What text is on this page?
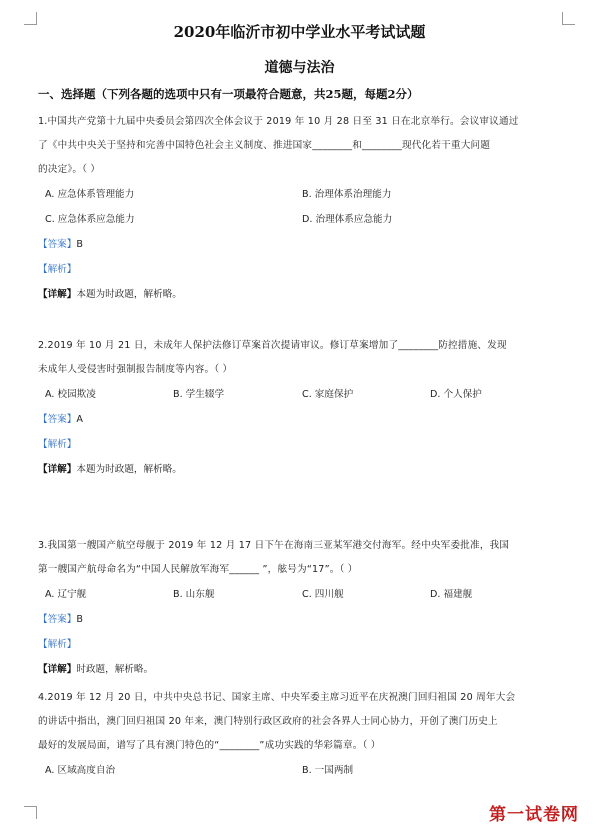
2020年临沂市初中学业水平考试试题
道德与法治
一、选择题（下列各题的选项中只有一项最符合题意，共25题，每题2分）
1.中国共产党第十九届中央委员会第四次全体会议于 2019 年 10 月 28 日至 31 日在北京举行。会议审议通过
了《中共中央关于坚持和完善中国特色社会主义制度、推进国家________和________现代化若干重大问题
的决定》。（ ）
A. 应急体系管理能力	B. 治理体系治理能力
C. 应急体系应急能力	D. 治理体系应急能力
【答案】B
【解析】
【详解】本题为时政题，解析略。
2.2019 年 10 月 21 日，未成年人保护法修订草案首次提请审议。修订草案增加了________防控措施、发现
未成年人受侵害时强制报告制度等内容。（ ）
A. 校园欺凌	B. 学生辍学	C. 家庭保护	D. 个人保护
【答案】A
【解析】
【详解】本题为时政题，解析略。
3.我国第一艘国产航空母舰于 2019 年 12 月 17 日下午在海南三亚某军港交付海军。经中央军委批准，我国
第一艘国产航母命名为“中国人民解放军海军______ ”，舷号为“17”。（ ）
A. 辽宁舰	B. 山东舰	C. 四川舰	D. 福建舰
【答案】B
【解析】
【详解】时政题，解析略。
4.2019 年 12 月 20 日，中共中央总书记、国家主席、中央军委主席习近平在庆祝澳门回归祖国 20 周年大会
的讲话中指出，澳门回归祖国 20 年来，澳门特别行政区政府的社会各界人士同心协力，开创了澳门历史上
最好的发展局面，谱写了具有澳门特色的“________”成功实践的华彩篇章。（ ）
A. 区域高度自治	B. 一国两制
第一试卷网
